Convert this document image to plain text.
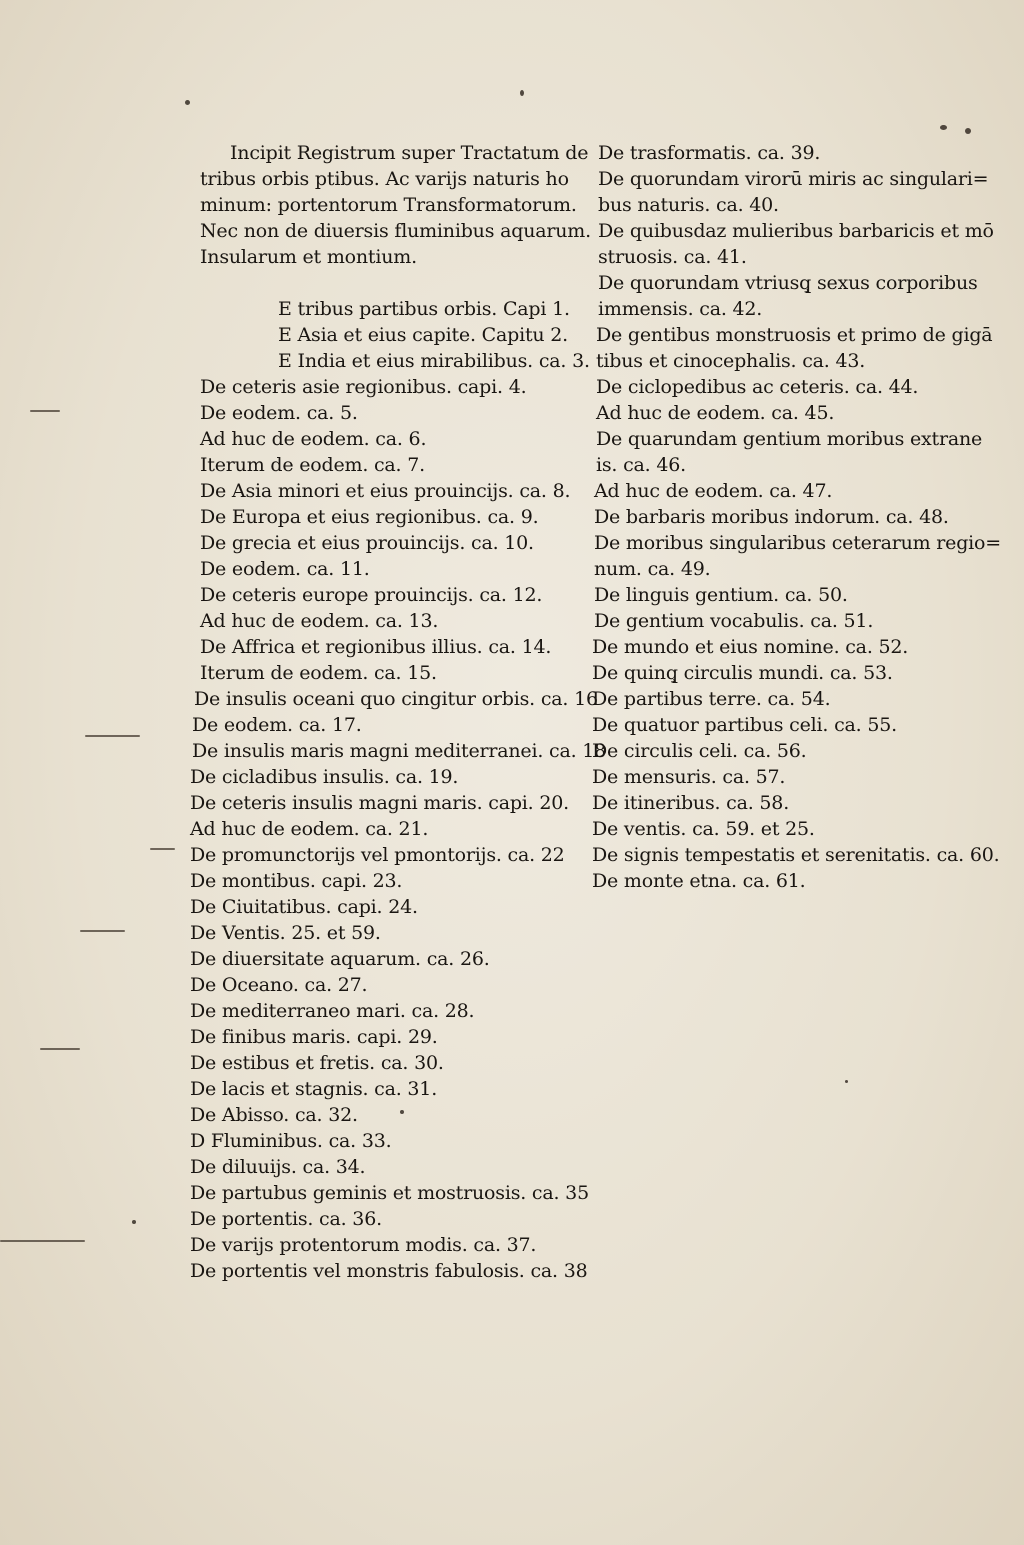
Incipit Registrum super Tractatum de
tribus orbis ptibus. Ac varijs naturis ho
minum: portentorum Transformatorum.
Nec non de diuersis fluminibus aquarum.
Insularum et montium.
E tribus partibus orbis. Capi 1.
E Asia et eius capite. Capitu 2.
E India et eius mirabilibus. ca. 3.
De ceteris asie regionibus. capi. 4.
De eodem. ca. 5.
Ad huc de eodem. ca. 6.
Iterum de eodem. ca. 7.
De Asia minori et eius prouincijs. ca. 8.
De Europa et eius regionibus. ca. 9.
De grecia et eius prouincijs. ca. 10.
De eodem. ca. 11.
De ceteris europe prouincijs. ca. 12.
Ad huc de eodem. ca. 13.
De Affrica et regionibus illius. ca. 14.
Iterum de eodem. ca. 15.
De insulis oceani quo cingitur orbis. ca. 16
De eodem. ca. 17.
De insulis maris magni mediterranei. ca. 18
De cicladibus insulis. ca. 19.
De ceteris insulis magni maris. capi. 20.
Ad huc de eodem. ca. 21.
De promunctorijs vel pmontorijs. ca. 22
De montibus. capi. 23.
De Ciuitatibus. capi. 24.
De Ventis. 25. et 59.
De diuersitate aquarum. ca. 26.
De Oceano. ca. 27.
De mediterraneo mari. ca. 28.
De finibus maris. capi. 29.
De estibus et fretis. ca. 30.
De lacis et stagnis. ca. 31.
De Abisso. ca. 32.
D Fluminibus. ca. 33.
De diluuijs. ca. 34.
De partubus geminis et mostruosis. ca. 35
De portentis. ca. 36.
De varijs protentorum modis. ca. 37.
De portentis vel monstris fabulosis. ca. 38
De trasformatis. ca. 39.
De quorundam virorū miris ac singulari=
bus naturis. ca. 40.
De quibusdaz mulieribus barbaricis et mō
struosis. ca. 41.
De quorundam vtriusq̧ sexus corporibus
immensis. ca. 42.
De gentibus monstruosis et primo de gigā
tibus et cinocephalis. ca. 43.
De ciclopedibus ac ceteris. ca. 44.
Ad huc de eodem. ca. 45.
De quarundam gentium moribus extrane
is. ca. 46.
Ad huc de eodem. ca. 47.
De barbaris moribus indorum. ca. 48.
De moribus singularibus ceterarum regio=
num. ca. 49.
De linguis gentium. ca. 50.
De gentium vocabulis. ca. 51.
De mundo et eius nomine. ca. 52.
De quinq̧ circulis mundi. ca. 53.
De partibus terre. ca. 54.
De quatuor partibus celi. ca. 55.
De circulis celi. ca. 56.
De mensuris. ca. 57.
De itineribus. ca. 58.
De ventis. ca. 59. et 25.
De signis tempestatis et serenitatis. ca. 60.
De monte etna. ca. 61.
